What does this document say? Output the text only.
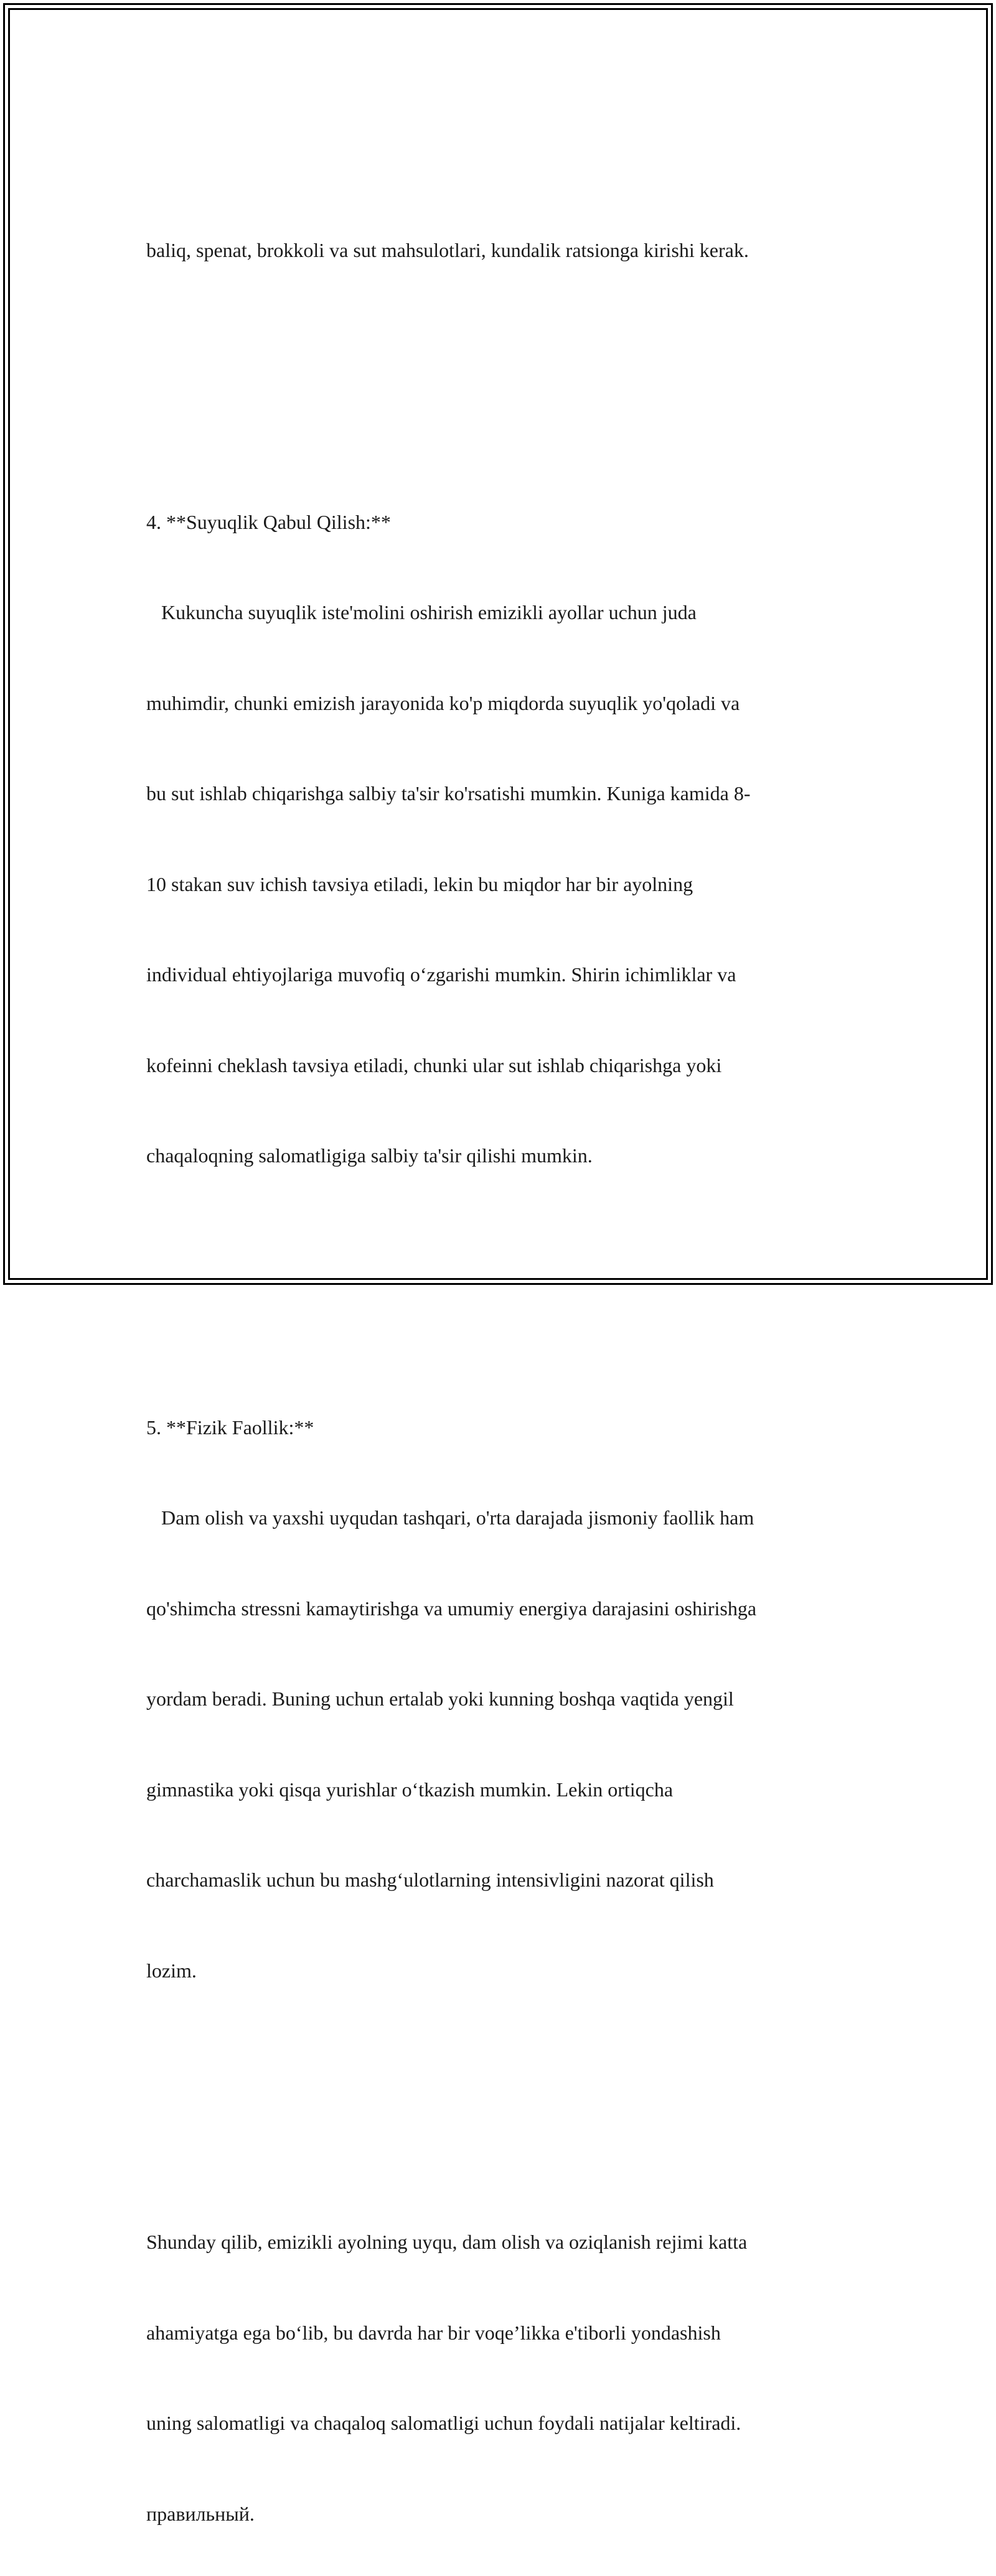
baliq, spenat, brokkoli va sut mahsulotlari, kundalik ratsionga kirishi kerak.

4. **Suyuqlik Qabul Qilish:**

Kukuncha suyuqlik iste'molini oshirish emizikli ayollar uchun juda

muhimdir, chunki emizish jarayonida ko'p miqdorda suyuqlik yo'qoladi va

bu sut ishlab chiqarishga salbiy ta'sir ko'rsatishi mumkin. Kuniga kamida 8-

10 stakan suv ichish tavsiya etiladi, lekin bu miqdor har bir ayolning

individual ehtiyojlariga muvofiq o‘zgarishi mumkin. Shirin ichimliklar va

kofeinni cheklash tavsiya etiladi, chunki ular sut ishlab chiqarishga yoki

chaqaloqning salomatligiga salbiy ta'sir qilishi mumkin.

5. **Fizik Faollik:**

Dam olish va yaxshi uyqudan tashqari, o'rta darajada jismoniy faollik ham

qo'shimcha stressni kamaytirishga va umumiy energiya darajasini oshirishga

yordam beradi. Buning uchun ertalab yoki kunning boshqa vaqtida yengil

gimnastika yoki qisqa yurishlar o‘tkazish mumkin. Lekin ortiqcha

charchamaslik uchun bu mashg‘ulotlarning intensivligini nazorat qilish

lozim.

Shunday qilib, emizikli ayolning uyqu, dam olish va oziqlanish rejimi katta

ahamiyatga ega bo‘lib, bu davrda har bir voqe’likka e'tiborli yondashish

uning salomatligi va chaqaloq salomatligi uchun foydali natijalar keltiradi.

правильный.
